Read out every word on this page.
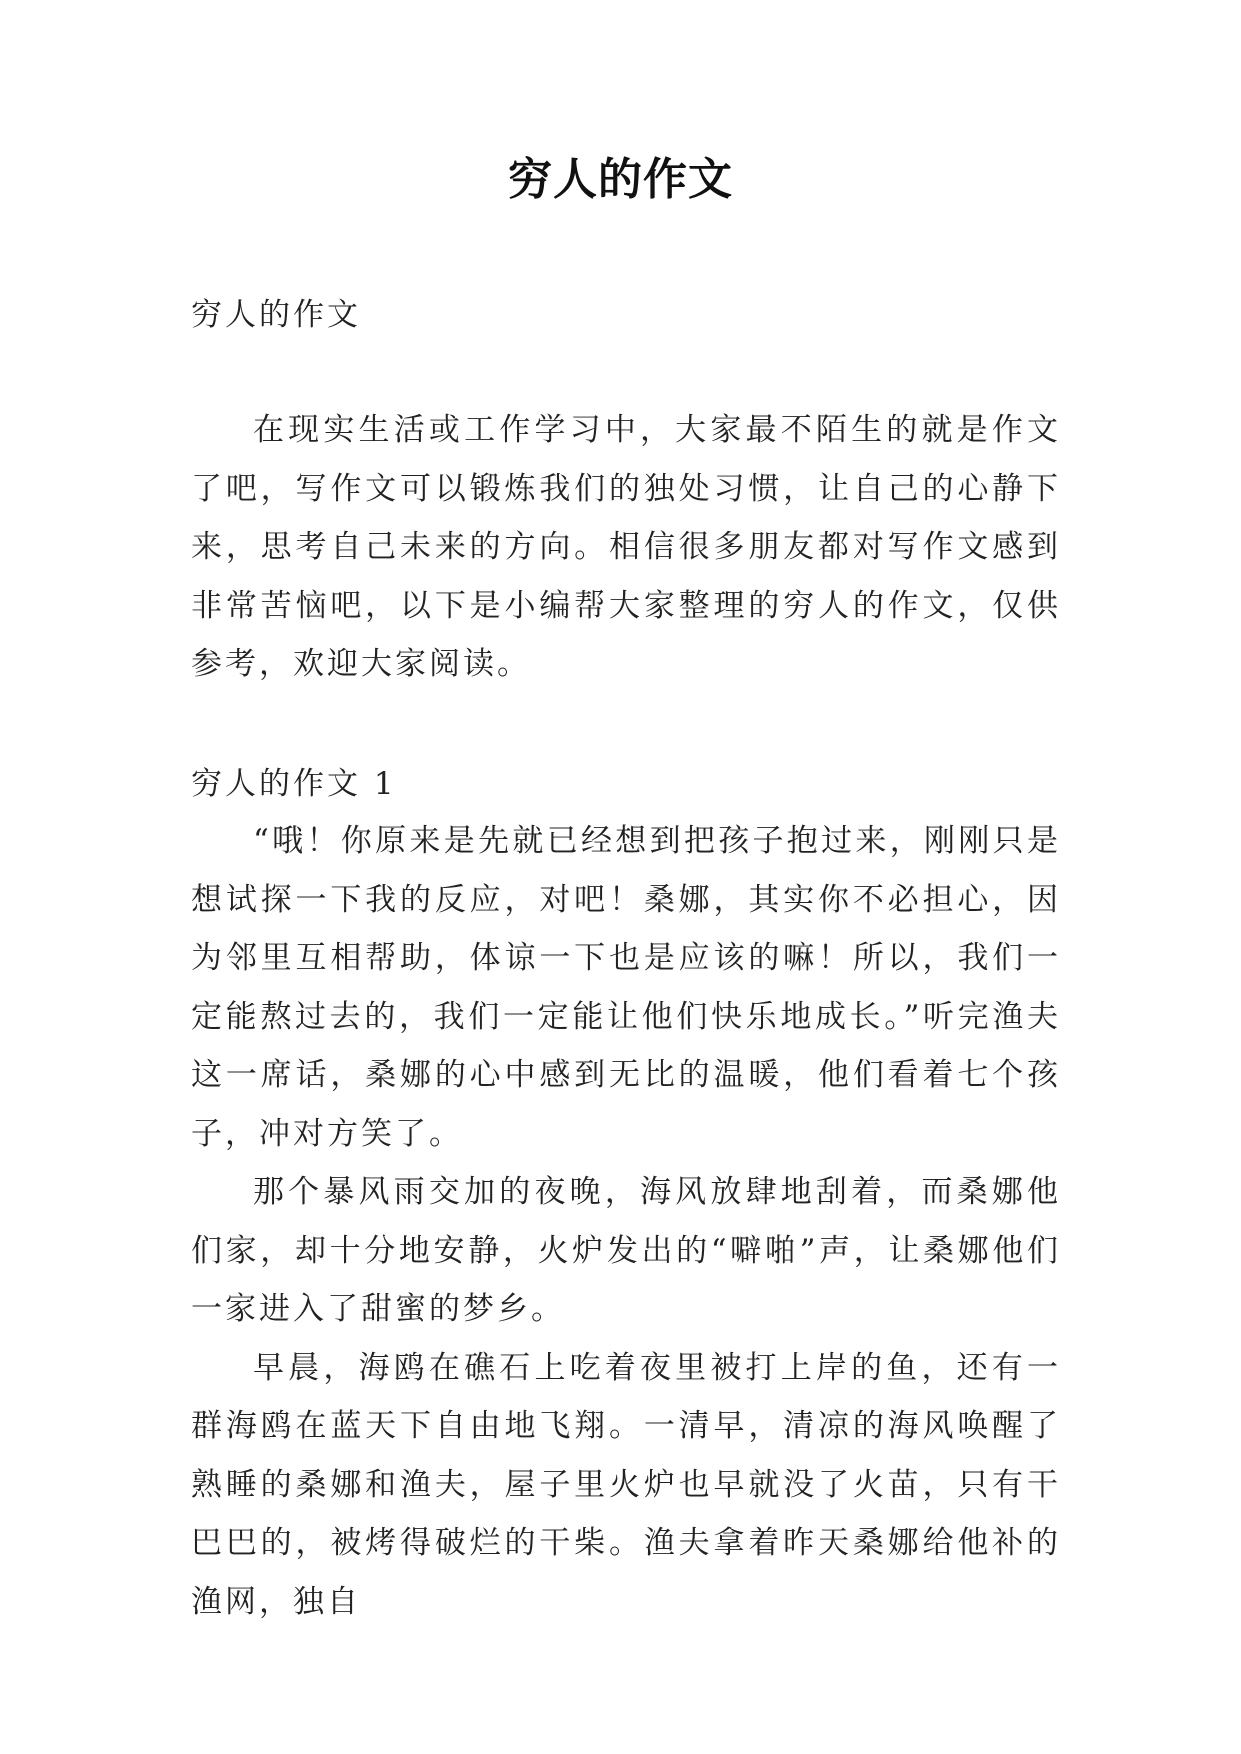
穷人的作文

穷人的作文

在现实生活或工作学习中，大家最不陌生的就是作文了吧，写作文可以锻炼我们的独处习惯，让自己的心静下来，思考自己未来的方向。相信很多朋友都对写作文感到非常苦恼吧，以下是小编帮大家整理的穷人的作文，仅供参考，欢迎大家阅读。

穷人的作文 1

“哦！你原来是先就已经想到把孩子抱过来，刚刚只是想试探一下我的反应，对吧！桑娜，其实你不必担心，因为邻里互相帮助，体谅一下也是应该的嘛！所以，我们一定能熬过去的，我们一定能让他们快乐地成长。”听完渔夫这一席话，桑娜的心中感到无比的温暖，他们看着七个孩子，冲对方笑了。

那个暴风雨交加的夜晚，海风放肆地刮着，而桑娜他们家，却十分地安静，火炉发出的“噼啪”声，让桑娜他们一家进入了甜蜜的梦乡。

早晨，海鸥在礁石上吃着夜里被打上岸的鱼，还有一群海鸥在蓝天下自由地飞翔。一清早，清凉的海风唤醒了熟睡的桑娜和渔夫，屋子里火炉也早就没了火苗，只有干巴巴的，被烤得破烂的干柴。渔夫拿着昨天桑娜给他补的渔网，独自
